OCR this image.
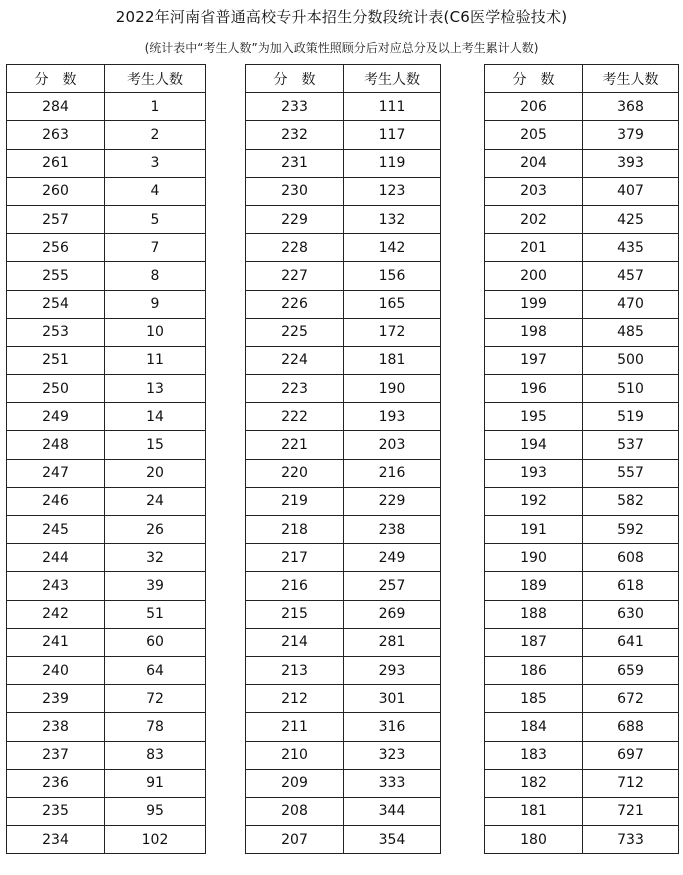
2022年河南省普通高校专升本招生分数段统计表(C6医学检验技术)
(统计表中“考生人数”为加入政策性照顾分后对应总分及以上考生累计人数)
分　数	考生人数
284	1
263	2
261	3
260	4
257	5
256	7
255	8
254	9
253	10
251	11
250	13
249	14
248	15
247	20
246	24
245	26
244	32
243	39
242	51
241	60
240	64
239	72
238	78
237	83
236	91
235	95
234	102
分　数	考生人数
233	111
232	117
231	119
230	123
229	132
228	142
227	156
226	165
225	172
224	181
223	190
222	193
221	203
220	216
219	229
218	238
217	249
216	257
215	269
214	281
213	293
212	301
211	316
210	323
209	333
208	344
207	354
分　数	考生人数
206	368
205	379
204	393
203	407
202	425
201	435
200	457
199	470
198	485
197	500
196	510
195	519
194	537
193	557
192	582
191	592
190	608
189	618
188	630
187	641
186	659
185	672
184	688
183	697
182	712
181	721
180	733
